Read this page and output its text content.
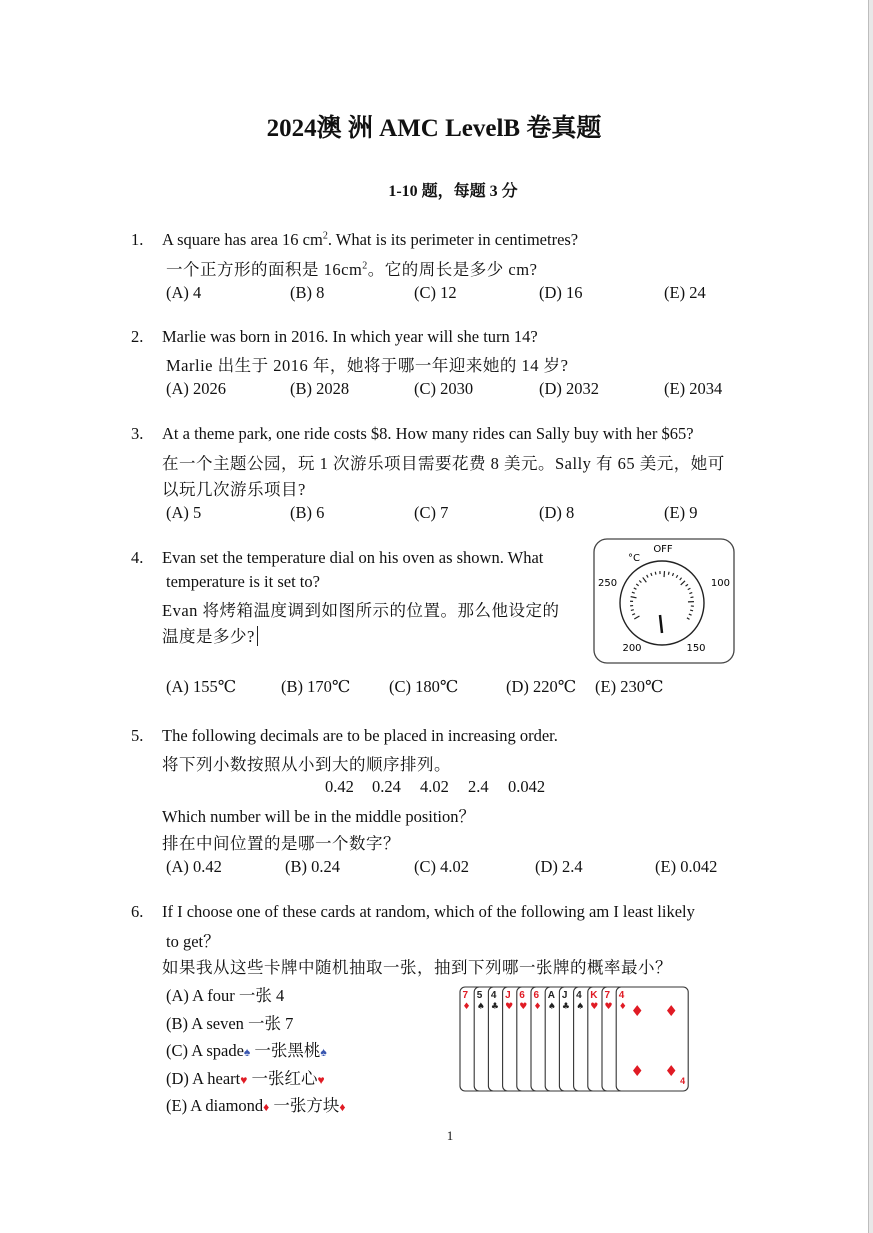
2024澳 洲 AMC LevelB 卷真题
1-10 题，每题 3 分
1. A square has area 16 $cm^2$. What is its perimeter in centimetres?
一个正方形的面积是 $16cm^2$。它的周长是多少 cm?
(A) 4	(B) 8	(C) 12	(D) 16	(E) 24
2. Marlie was born in 2016. In which year will she turn 14?
Marlie 出生于 2016 年，她将于哪一年迎来她的 14 岁?
(A) 2026	(B) 2028	(C) 2030	(D) 2032	(E) 2034
3. At a theme park, one ride costs $8. How many rides can Sally buy with her $65?
在一个主题公园，玩 1 次游乐项目需要花费 8 美元。Sally 有 65 美元，她可
以玩几次游乐项目?
(A) 5	(B) 6	(C) 7	(D) 8	(E) 9
4. Evan set the temperature dial on his oven as shown. What
temperature is it set to?
Evan 将烤箱温度调到如图所示的位置。那么他设定的
温度是多少?
OFF
°C
250	100
200	150
(A) 155℃	(B) 170℃ (C) 180℃	(D) 220℃ (E) 230℃
5. The following decimals are to be placed in increasing order.
将下列小数按照从小到大的顺序排列。
0.42 0.24 4.02 2.4 0.042
Which number will be in the middle position？
排在中间位置的是哪一个数字？
(A) 0.42	(B) 0.24	(C) 4.02	(D) 2.4	(E) 0.042
6. If I choose one of these cards at random, which of the following am I least likely
to get？
如果我从这些卡牌中随机抽取一张，抽到下列哪一张牌的概率最小？
(A) A four 一张 4
(B) A seven 一张 7
(C) A spade♠ 一张黑桃♠
(D) A heart♥ 一张红心♥
(E) A diamond♦ 一张方块♦
7
♦
5
♠
4
♣
J
♥
6
♥
6
♦
A
♠
J
♣
4
♠
K
♥
7
♥
4
♦ ♦ ♦
♦ ♦
4
1
